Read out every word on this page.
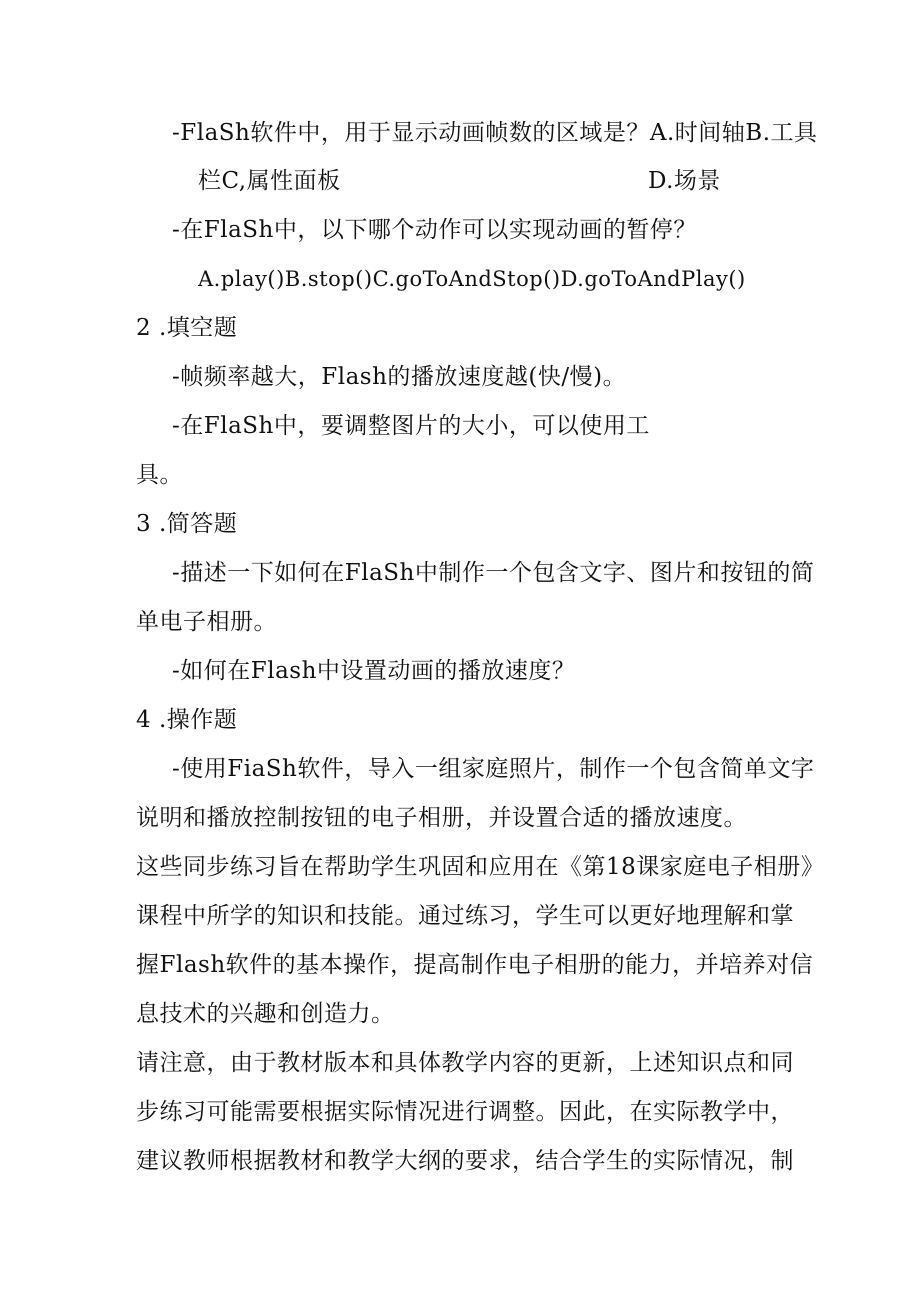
-FlaSh软件中，用于显示动画帧数的区域是？A.时间轴B.工具
栏C,属性面板	D.场景
-在FlaSh中，以下哪个动作可以实现动画的暂停？
A.play()B.stop()C.goToAndStop()D.goToAndPlay()
2 .填空题
-帧频率越大，Flash的播放速度越(快/慢)。
-在FlaSh中，要调整图片的大小，可以使用工
具。
3 .简答题
-描述一下如何在FlaSh中制作一个包含文字、图片和按钮的简
单电子相册。
-如何在Flash中设置动画的播放速度？
4 .操作题
-使用FiaSh软件，导入一组家庭照片，制作一个包含简单文字
说明和播放控制按钮的电子相册，并设置合适的播放速度。
这些同步练习旨在帮助学生巩固和应用在《第18课家庭电子相册》
课程中所学的知识和技能。通过练习，学生可以更好地理解和掌
握Flash软件的基本操作，提高制作电子相册的能力，并培养对信
息技术的兴趣和创造力。
请注意，由于教材版本和具体教学内容的更新，上述知识点和同
步练习可能需要根据实际情况进行调整。因此，在实际教学中，
建议教师根据教材和教学大纲的要求，结合学生的实际情况，制
